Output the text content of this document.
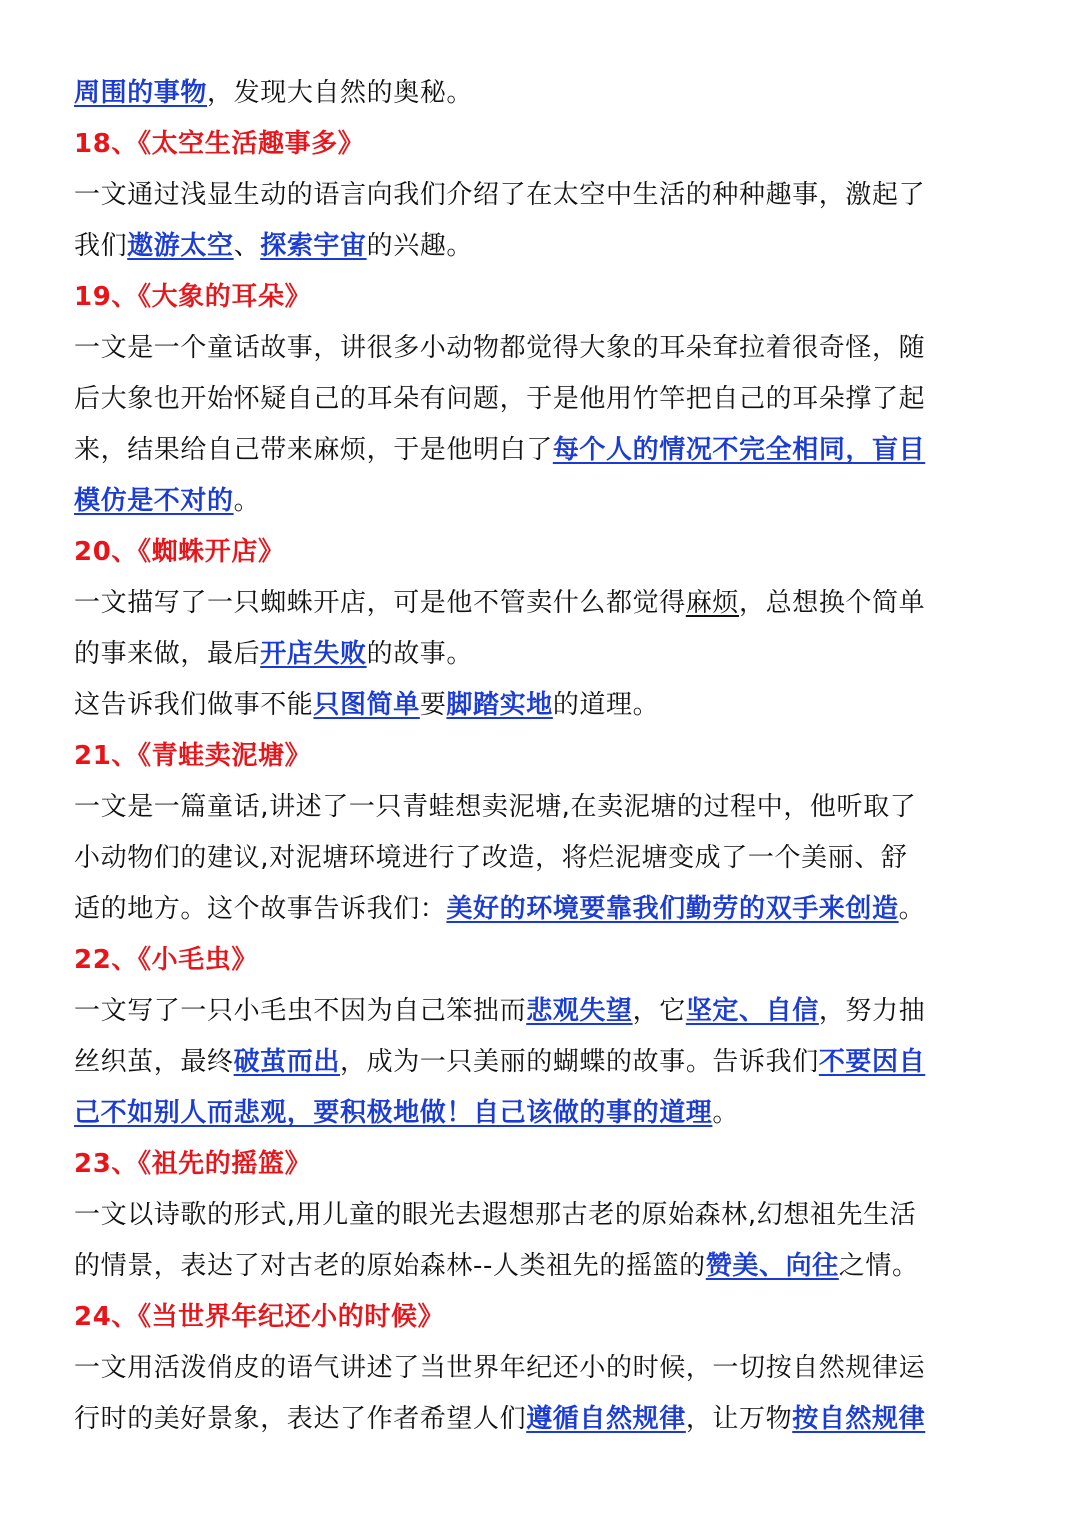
周围的事物，发现大自然的奥秘。
18、《太空生活趣事多》
一文通过浅显生动的语言向我们介绍了在太空中生活的种种趣事，激起了
我们遨游太空、探索宇宙的兴趣。
19、《大象的耳朵》
一文是一个童话故事，讲很多小动物都觉得大象的耳朵耷拉着很奇怪，随
后大象也开始怀疑自己的耳朵有问题，于是他用竹竿把自己的耳朵撑了起
来，结果给自己带来麻烦，于是他明白了每个人的情况不完全相同，盲目
模仿是不对的。
20、《蜘蛛开店》
一文描写了一只蜘蛛开店，可是他不管卖什么都觉得麻烦，总想换个简单
的事来做，最后开店失败的故事。
这告诉我们做事不能只图简单要脚踏实地的道理。
21、《青蛙卖泥塘》
一文是一篇童话,讲述了一只青蛙想卖泥塘,在卖泥塘的过程中，他听取了
小动物们的建议,对泥塘环境进行了改造，将烂泥塘变成了一个美丽、舒
适的地方。这个故事告诉我们：美好的环境要靠我们勤劳的双手来创造。
22、《小毛虫》
一文写了一只小毛虫不因为自己笨拙而悲观失望，它坚定、自信，努力抽
丝织茧，最终破茧而出，成为一只美丽的蝴蝶的故事。告诉我们不要因自
己不如别人而悲观，要积极地做！自己该做的事的道理。
23、《祖先的摇篮》
一文以诗歌的形式,用儿童的眼光去遐想那古老的原始森林,幻想祖先生活
的情景，表达了对古老的原始森林--人类祖先的摇篮的赞美、向往之情。
24、《当世界年纪还小的时候》
一文用活泼俏皮的语气讲述了当世界年纪还小的时候，一切按自然规律运
行时的美好景象，表达了作者希望人们遵循自然规律，让万物按自然规律
